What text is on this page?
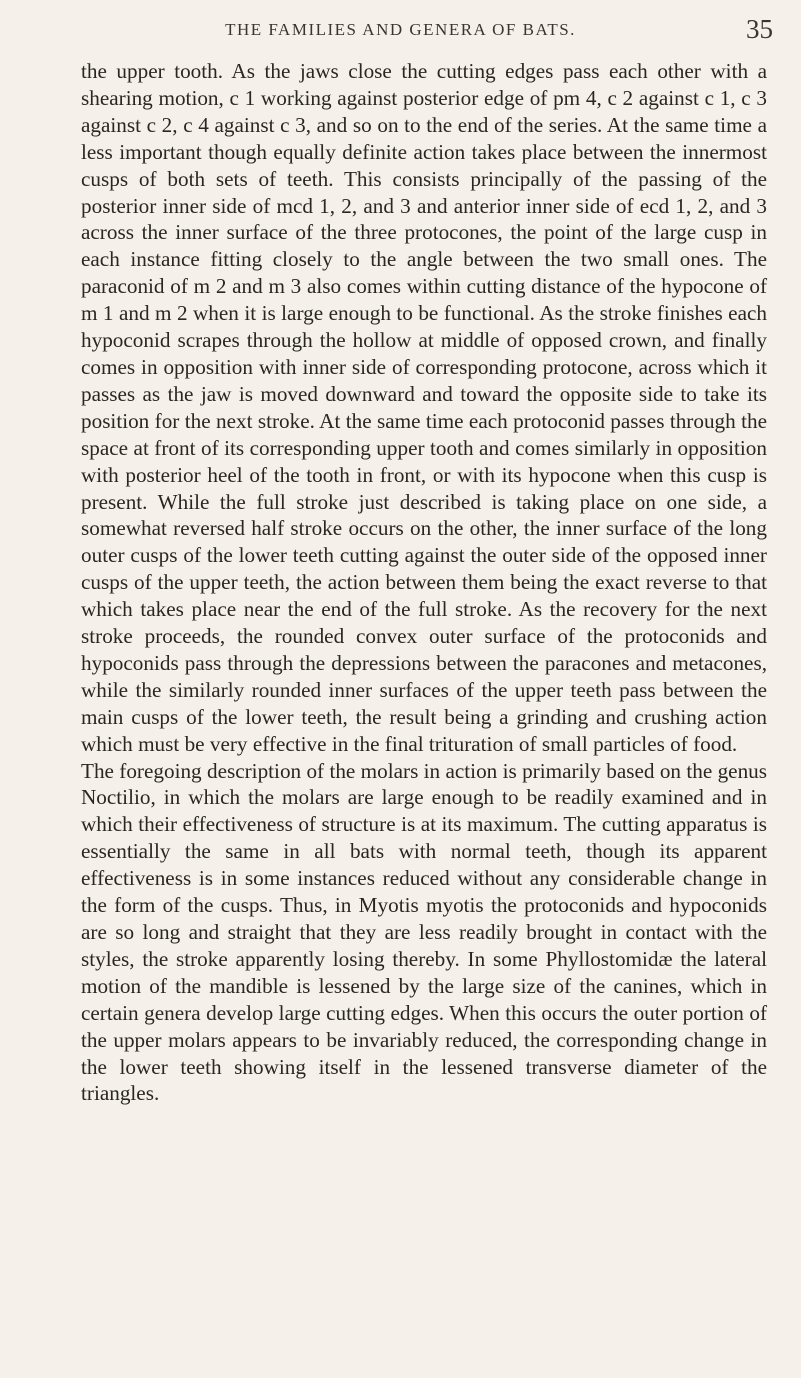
THE FAMILIES AND GENERA OF BATS.	35

the upper tooth. As the jaws close the cutting edges pass each other with a shearing motion, c 1 working against posterior edge of pm 4, c 2 against c 1, c 3 against c 2, c 4 against c 3, and so on to the end of the series. At the same time a less important though equally definite action takes place between the innermost cusps of both sets of teeth. This consists principally of the passing of the posterior inner side of mcd 1, 2, and 3 and anterior inner side of ecd 1, 2, and 3 across the inner surface of the three protocones, the point of the large cusp in each instance fitting closely to the angle between the two small ones. The paraconid of m 2 and m 3 also comes within cutting distance of the hypocone of m 1 and m 2 when it is large enough to be functional. As the stroke finishes each hypoconid scrapes through the hollow at middle of opposed crown, and finally comes in opposition with inner side of corresponding protocone, across which it passes as the jaw is moved downward and toward the opposite side to take its position for the next stroke. At the same time each protoconid passes through the space at front of its corresponding upper tooth and comes similarly in opposition with posterior heel of the tooth in front, or with its hypocone when this cusp is present. While the full stroke just described is taking place on one side, a somewhat reversed half stroke occurs on the other, the inner surface of the long outer cusps of the lower teeth cutting against the outer side of the opposed inner cusps of the upper teeth, the action between them being the exact reverse to that which takes place near the end of the full stroke. As the recovery for the next stroke proceeds, the rounded convex outer surface of the protoconids and hypoconids pass through the depressions between the paracones and metacones, while the similarly rounded inner surfaces of the upper teeth pass between the main cusps of the lower teeth, the result being a grinding and crushing action which must be very effective in the final trituration of small particles of food.

The foregoing description of the molars in action is primarily based on the genus Noctilio, in which the molars are large enough to be readily examined and in which their effectiveness of structure is at its maximum. The cutting apparatus is essentially the same in all bats with normal teeth, though its apparent effectiveness is in some instances reduced without any considerable change in the form of the cusps. Thus, in Myotis myotis the protoconids and hypoconids are so long and straight that they are less readily brought in contact with the styles, the stroke apparently losing thereby. In some Phyllostomidæ the lateral motion of the mandible is lessened by the large size of the canines, which in certain genera develop large cutting edges. When this occurs the outer portion of the upper molars appears to be invariably reduced, the corresponding change in the lower teeth showing itself in the lessened transverse diameter of the triangles.
